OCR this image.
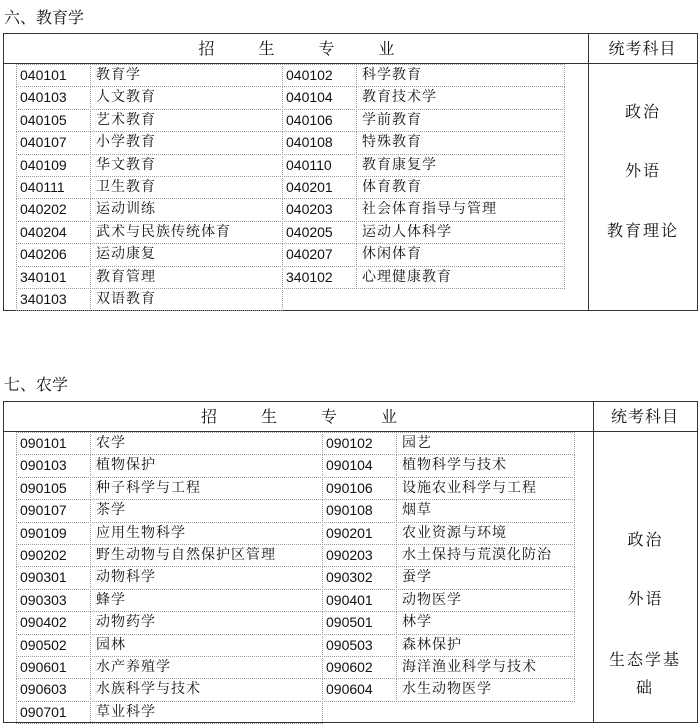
六、教育学
招生专业	统考科目
040101 教育学	040102 科学教育
040103 人文教育	040104 教育技术学
040105 艺术教育	040106 学前教育
040107 小学教育	040108 特殊教育
040109 华文教育	040110 教育康复学
040111 卫生教育	040201 体育教育
040202 运动训练	040203 社会体育指导与管理
040204 武术与民族传统体育	040205 运动人体科学
040206 运动康复	040207 休闲体育
340101 教育管理	340102 心理健康教育
340103 双语教育
政治
外语
教育理论
七、农学
招生专业	统考科目
090101 农学	090102 园艺
090103 植物保护	090104 植物科学与技术
090105 种子科学与工程	090106 设施农业科学与工程
090107 茶学	090108 烟草
090109 应用生物科学	090201 农业资源与环境
090202 野生动物与自然保护区管理	090203 水土保持与荒漠化防治
090301 动物科学	090302 蚕学
090303 蜂学	090401 动物医学
090402 动物药学	090501 林学
090502 园林	090503 森林保护
090601 水产养殖学	090602 海洋渔业科学与技术
090603 水族科学与技术	090604 水生动物医学
090701 草业科学
政治
外语
生态学基础
